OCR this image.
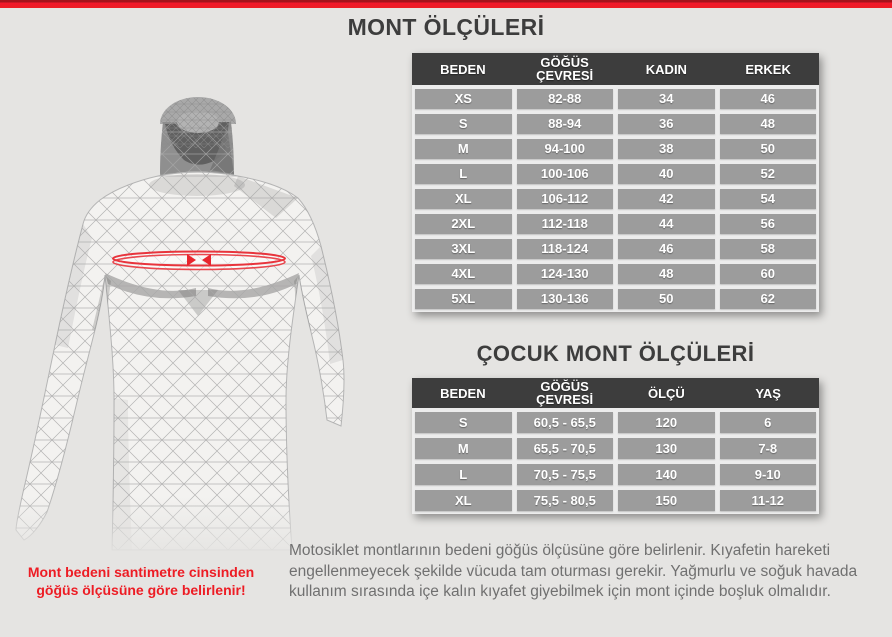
MONT ÖLÇÜLERİ
BEDEN	GÖĞÜS ÇEVRESİ	KADIN	ERKEK
XS	82-88	34	46
S	88-94	36	48
M	94-100	38	50
L	100-106	40	52
XL	106-112	42	54
2XL	112-118	44	56
3XL	118-124	46	58
4XL	124-130	48	60
5XL	130-136	50	62
ÇOCUK MONT ÖLÇÜLERİ
BEDEN	GÖĞÜS ÇEVRESİ	ÖLÇÜ	YAŞ
S	60,5 - 65,5	120	6
M	65,5 - 70,5	130	7-8
L	70,5 - 75,5	140	9-10
XL	75,5 - 80,5	150	11-12
Mont bedeni santimetre cinsinden göğüs ölçüsüne göre belirlenir!
Motosiklet montlarının bedeni göğüs ölçüsüne göre belirlenir. Kıyafetin hareketi engellenmeyecek şekilde vücuda tam oturması gerekir. Yağmurlu ve soğuk havada kullanım sırasında içe kalın kıyafet giyebilmek için mont içinde boşluk olmalıdır.
